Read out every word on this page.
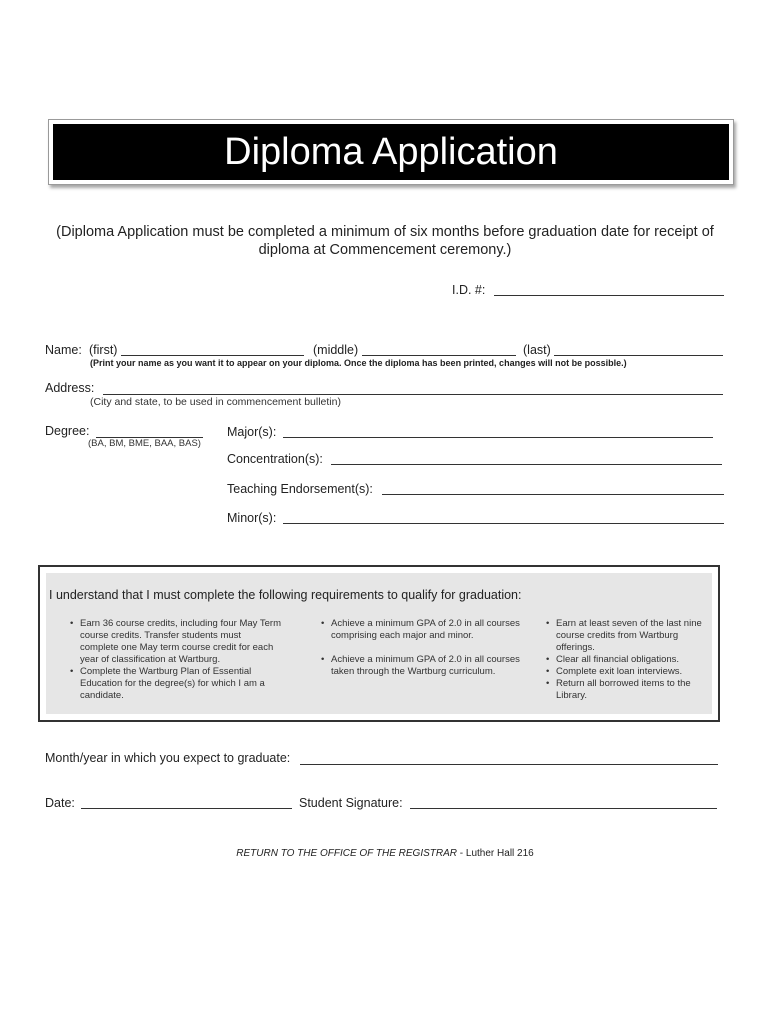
Diploma Application
(Diploma Application must be completed a minimum of six months before graduation date for receipt of diploma at Commencement ceremony.)
I.D. #:
Name: (first)	(middle)	(last)
(Print your name as you want it to appear on your diploma. Once the diploma has been printed, changes will not be possible.)
Address:
(City and state, to be used in commencement bulletin)
Degree:
(BA, BM, BME, BAA, BAS)
Major(s):
Concentration(s):
Teaching Endorsement(s):
Minor(s):
I understand that I must complete the following requirements to qualify for graduation:
• Earn 36 course credits, including four May Term course credits. Transfer students must complete one May term course credit for each year of classification at Wartburg.
• Complete the Wartburg Plan of Essential Education for the degree(s) for which I am a candidate.
• Achieve a minimum GPA of 2.0 in all courses comprising each major and minor.
• Achieve a minimum GPA of 2.0 in all courses taken through the Wartburg curriculum.
• Earn at least seven of the last nine course credits from Wartburg offerings.
• Clear all financial obligations.
• Complete exit loan interviews.
• Return all borrowed items to the Library.
Month/year in which you expect to graduate:
Date:	Student Signature:
RETURN TO THE OFFICE OF THE REGISTRAR - Luther Hall 216
